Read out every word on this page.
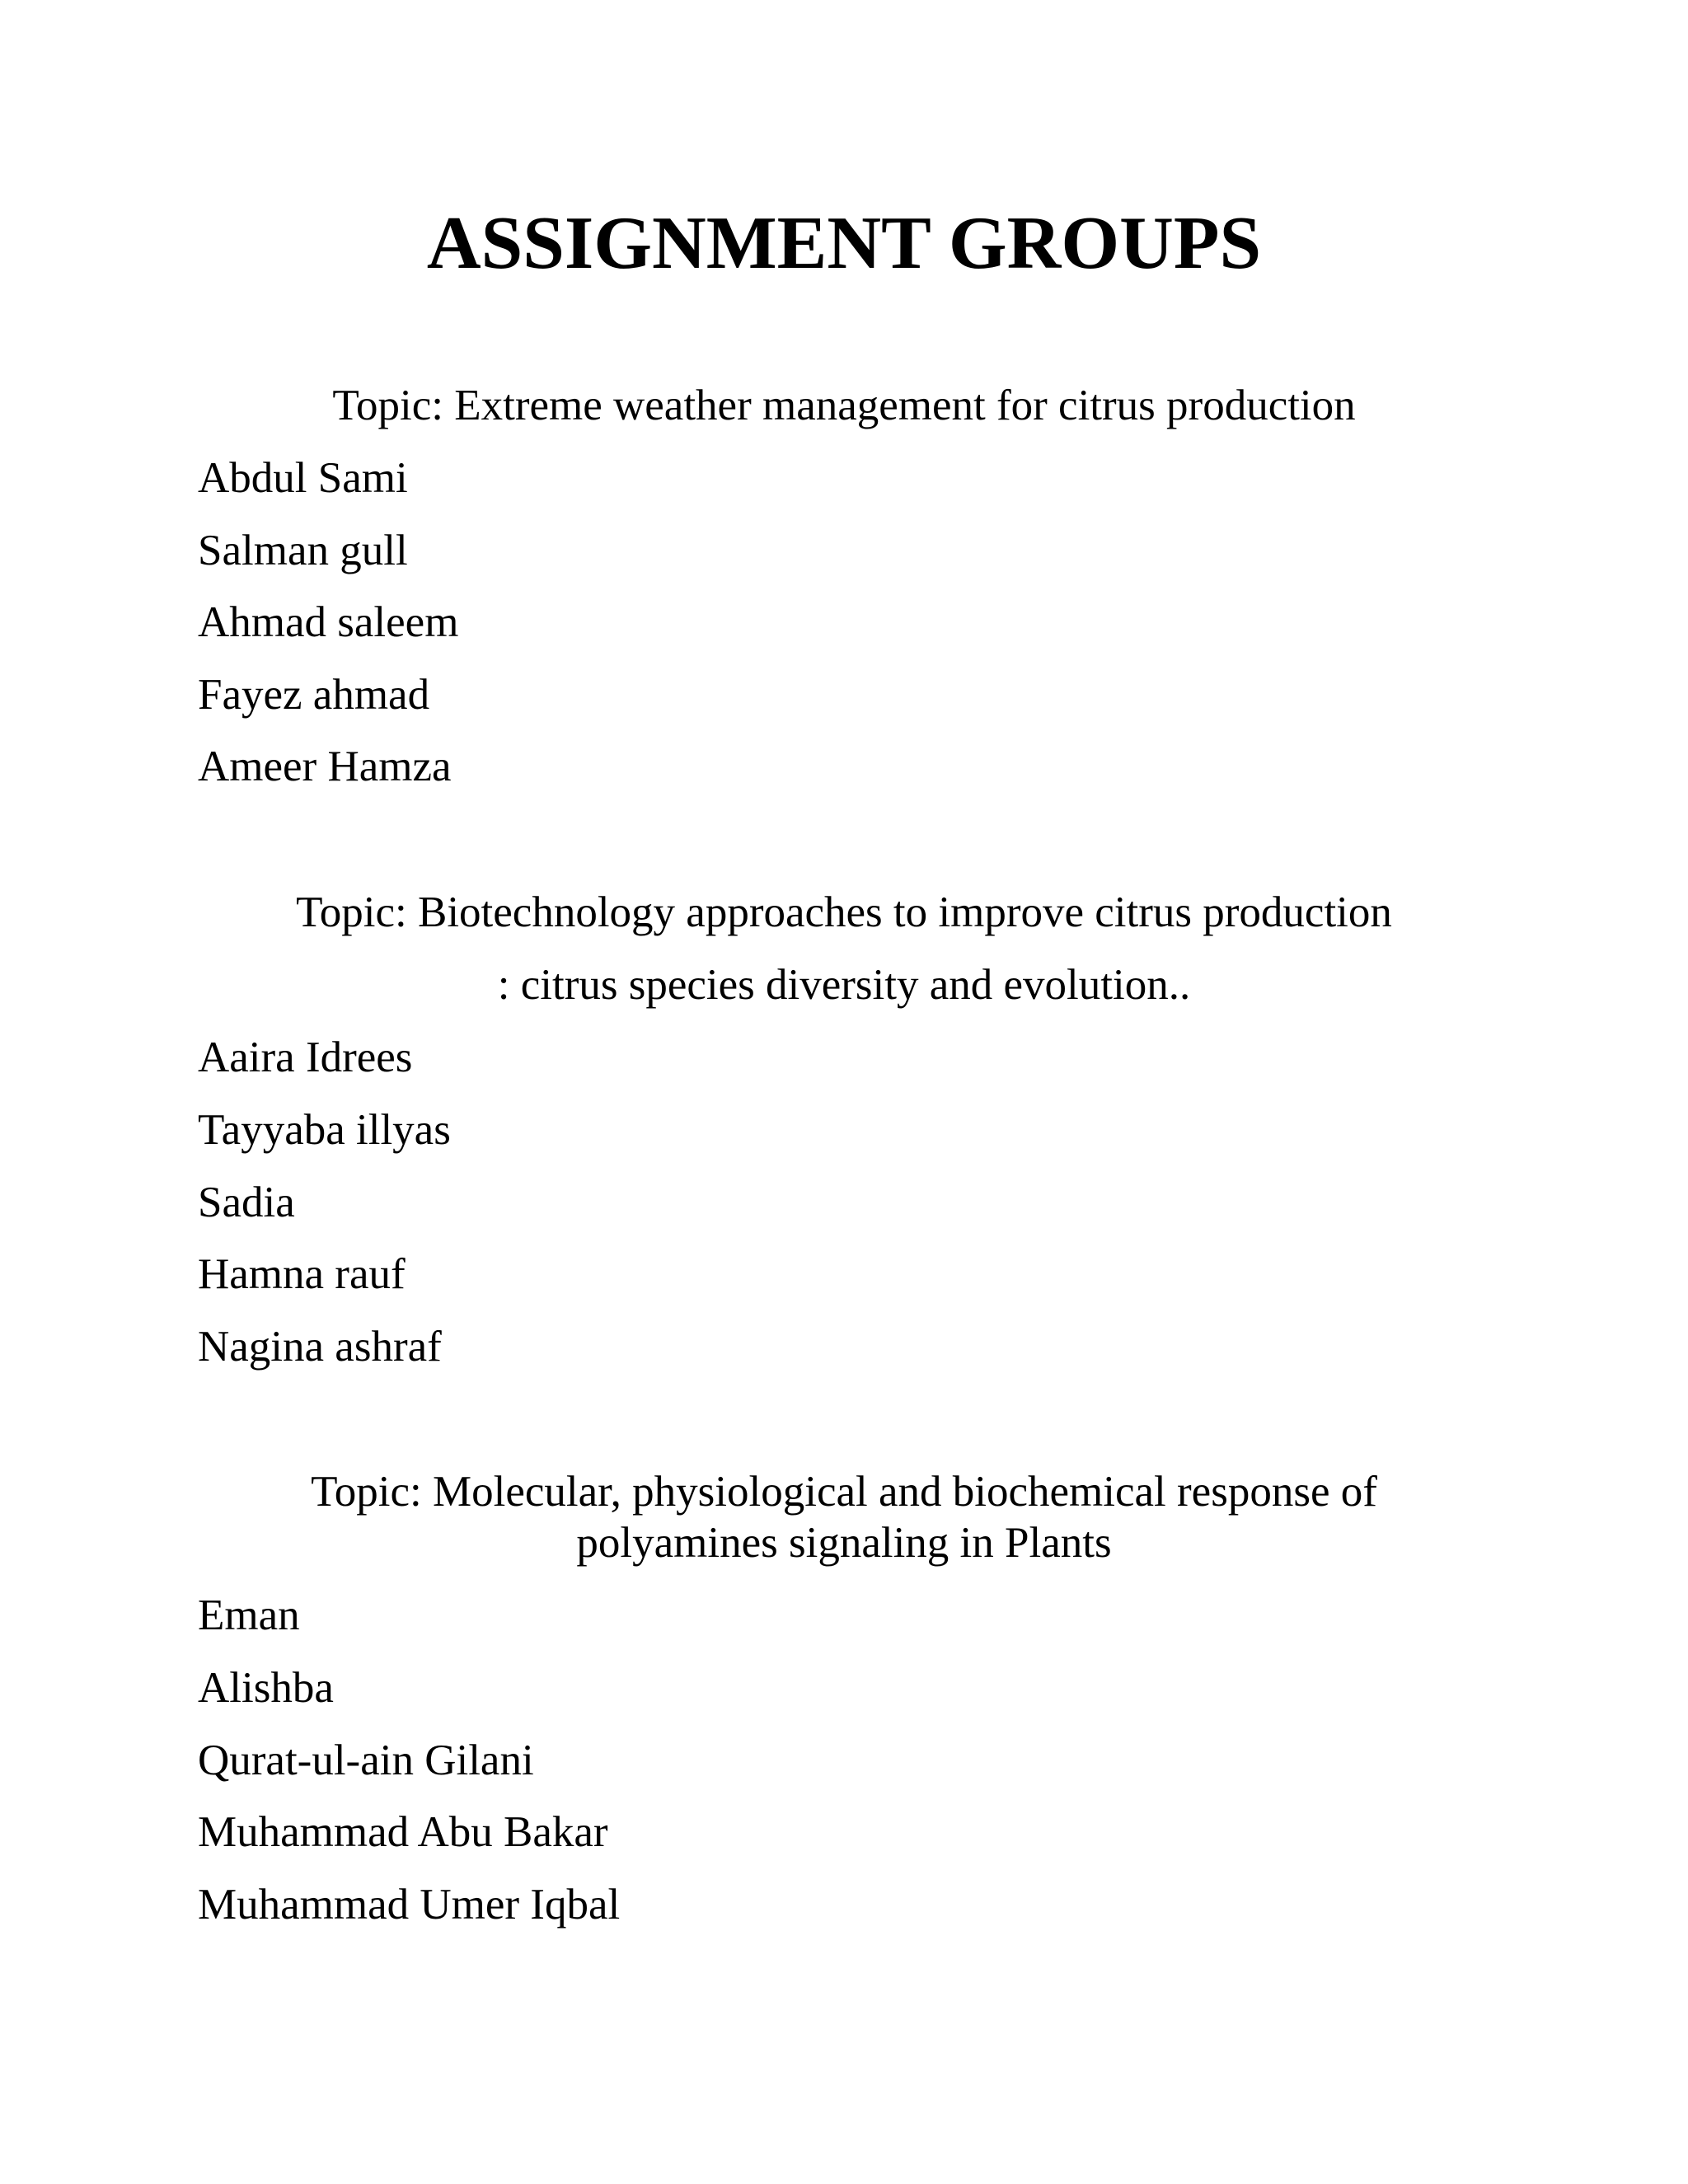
ASSIGNMENT GROUPS
Topic: Extreme weather management for citrus production
Abdul Sami
Salman gull
Ahmad saleem
Fayez ahmad
Ameer Hamza
Topic: Biotechnology approaches to improve citrus production
: citrus species diversity and evolution..
Aaira Idrees
Tayyaba illyas
Sadia
Hamna rauf
Nagina ashraf
Topic: Molecular, physiological and biochemical response of
polyamines signaling in Plants
Eman
Alishba
Qurat-ul-ain Gilani
Muhammad Abu Bakar
Muhammad Umer Iqbal
